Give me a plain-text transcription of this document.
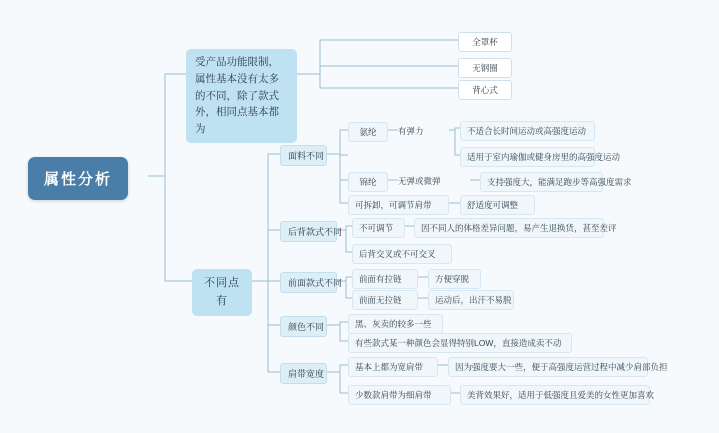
属性分析
受产品功能限制，属性基本没有太多的不同，除了款式外，相同点基本都为
全罩杯
无钢圈
背心式
不同点有
面料不同
氨纶	有弹力	不适合长时间运动或高强度运动
适用于室内瑜伽或健身房里的高强度运动
锦纶	无弹或微弹	支持强度大，能满足跑步等高强度需求
可拆卸，可调节肩带	舒适度可调整
后背款式不同	不可调节	因不同人的体格差异问题，易产生退换货，甚至差评
后背交叉或不可交叉
前面款式不同	前面有拉链	方便穿脱
前面无拉链	运动后，出汗不易脱
颜色不同	黑、灰卖的较多一些
有些款式某一种颜色会显得特别LOW，直接造成卖不动
肩带宽度
基本上都为宽肩带	因为强度要大一些，便于高强度运营过程中减少肩部负担
少数款肩带为细肩带	美背效果好，适用于低强度且爱美的女性更加喜欢
